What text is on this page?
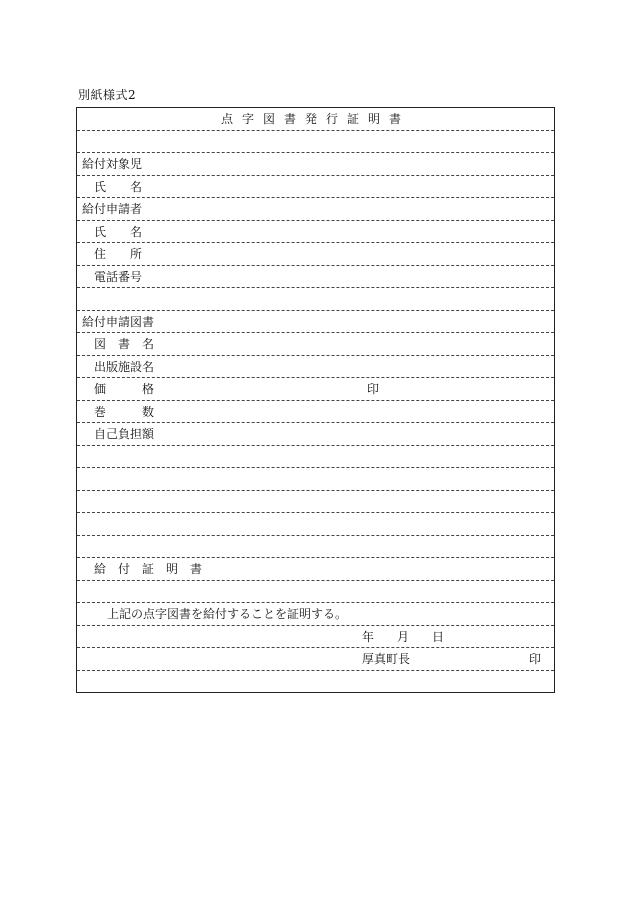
別紙様式2
点字図書発行証明書
給付対象児
氏　　名
給付申請者
氏　　名
住　　所
電話番号
給付申請図書
図　書　名
出版施設名
価　　　格	印
巻　　　数
自己負担額
給　付　証　明　書
上記の点字図書を給付することを証明する。
年 月 日
厚真町長	印
